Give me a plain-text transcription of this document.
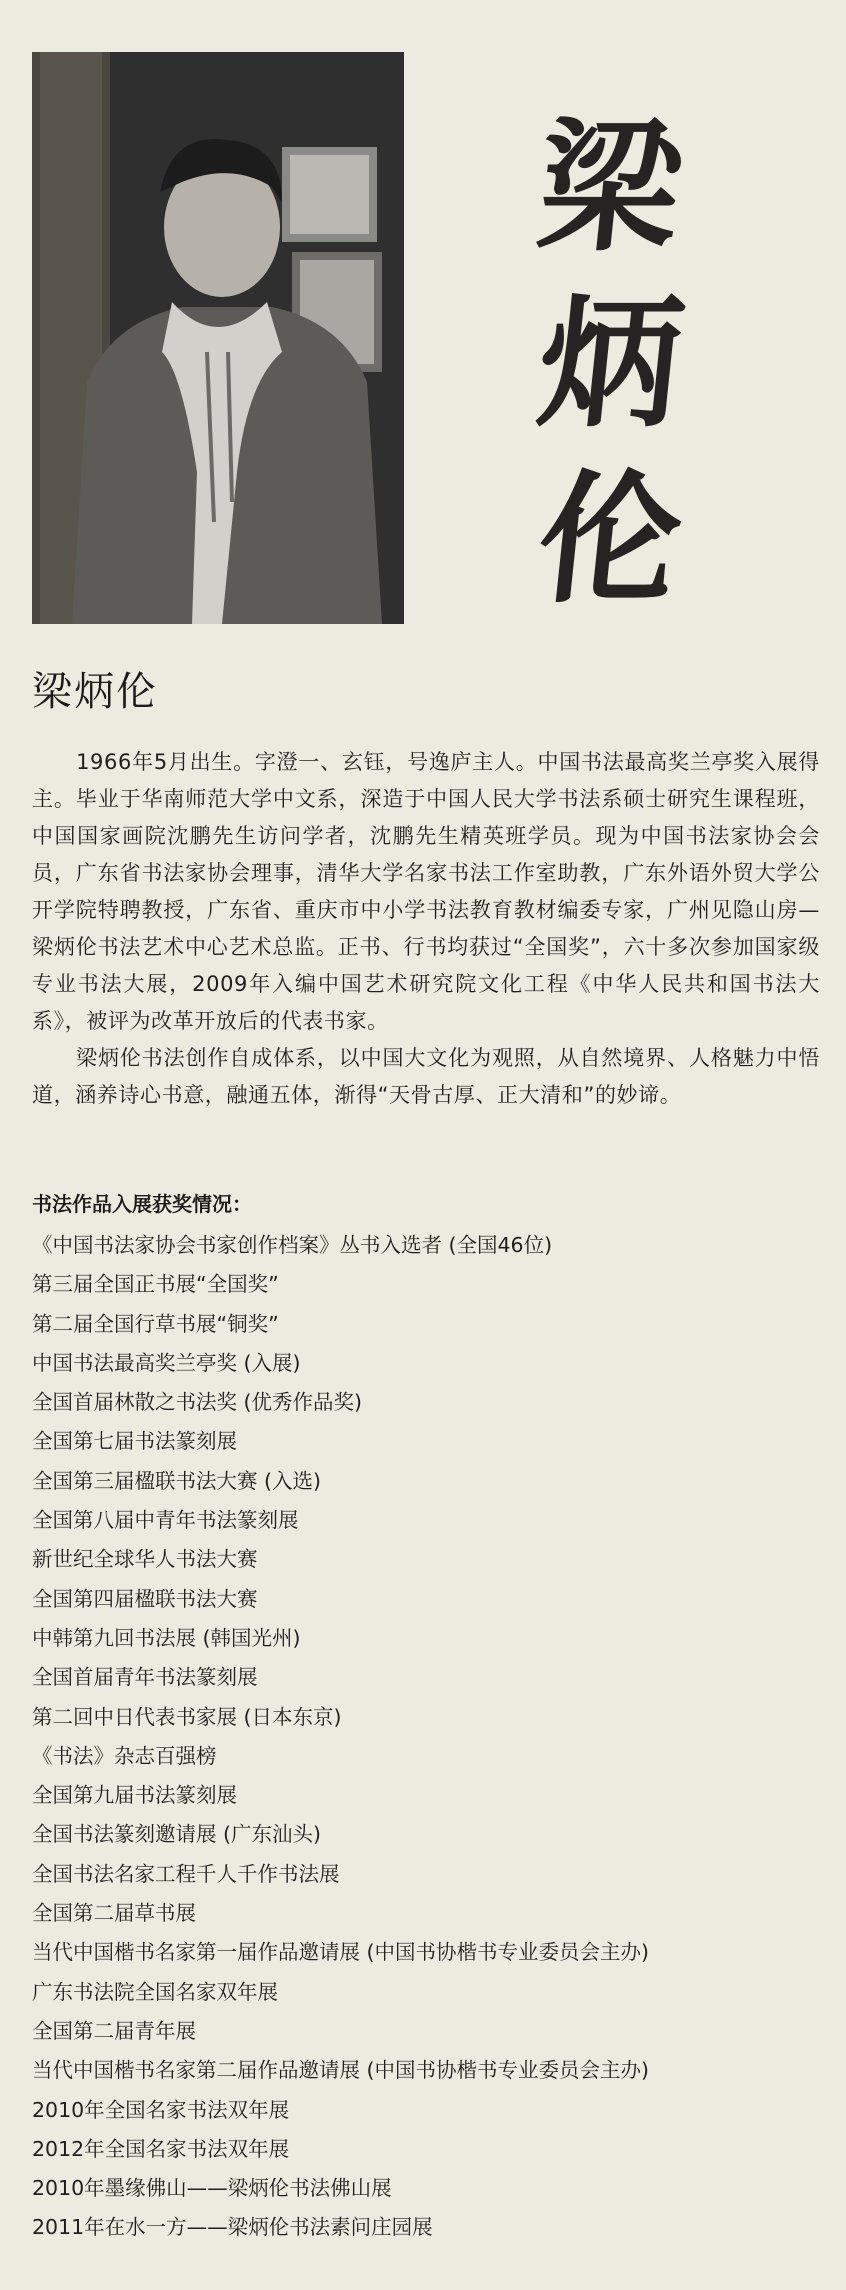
梁
炳
伦
梁炳伦

1966年5月出生。字澄一、玄钰，号逸庐主人。中国书法最高奖兰亭奖入展得主。毕业于华南师范大学中文系，深造于中国人民大学书法系硕士研究生课程班，中国国家画院沈鹏先生访问学者，沈鹏先生精英班学员。现为中国书法家协会会员，广东省书法家协会理事，清华大学名家书法工作室助教，广东外语外贸大学公开学院特聘教授，广东省、重庆市中小学书法教育教材编委专家，广州见隐山房—梁炳伦书法艺术中心艺术总监。正书、行书均获过“全国奖”，六十多次参加国家级专业书法大展，2009年入编中国艺术研究院文化工程《中华人民共和国书法大系》，被评为改革开放后的代表书家。

梁炳伦书法创作自成体系，以中国大文化为观照，从自然境界、人格魅力中悟道，涵养诗心书意，融通五体，渐得“天骨古厚、正大清和”的妙谛。

书法作品入展获奖情况：
《中国书法家协会书家创作档案》丛书入选者 (全国46位)
第三届全国正书展“全国奖”
第二届全国行草书展“铜奖”
中国书法最高奖兰亭奖 (入展)
全国首届林散之书法奖 (优秀作品奖)
全国第七届书法篆刻展
全国第三届楹联书法大赛 (入选)
全国第八届中青年书法篆刻展
新世纪全球华人书法大赛
全国第四届楹联书法大赛
中韩第九回书法展 (韩国光州)
全国首届青年书法篆刻展
第二回中日代表书家展 (日本东京)
《书法》杂志百强榜
全国第九届书法篆刻展
全国书法篆刻邀请展 (广东汕头)
全国书法名家工程千人千作书法展
全国第二届草书展
当代中国楷书名家第一届作品邀请展 (中国书协楷书专业委员会主办)
广东书法院全国名家双年展
全国第二届青年展
当代中国楷书名家第二届作品邀请展 (中国书协楷书专业委员会主办)
2010年全国名家书法双年展
2012年全国名家书法双年展
2010年墨缘佛山——梁炳伦书法佛山展
2011年在水一方——梁炳伦书法素问庄园展
